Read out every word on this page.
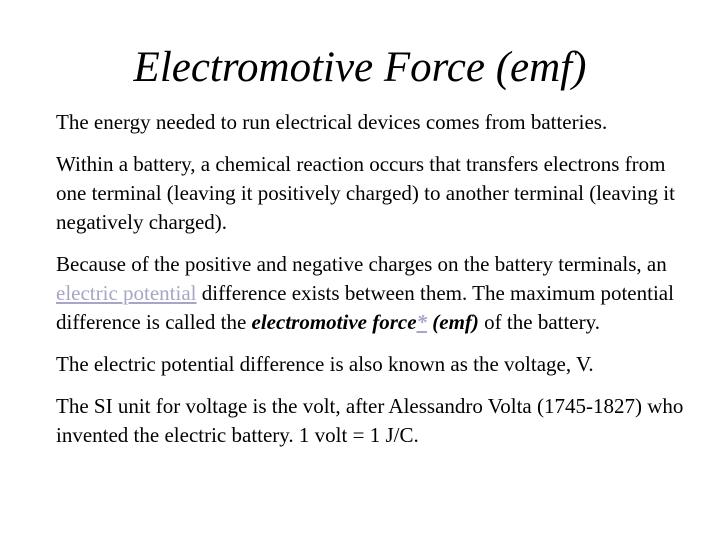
Electromotive Force (emf)

The energy needed to run electrical devices comes from batteries.

Within a battery, a chemical reaction occurs that transfers electrons from one terminal (leaving it positively charged) to another terminal (leaving it negatively charged).

Because of the positive and negative charges on the battery terminals, an electric potential difference exists between them. The maximum potential difference is called the electromotive force* (emf) of the battery.

The electric potential difference is also known as the voltage, V.

The SI unit for voltage is the volt, after Alessandro Volta (1745-1827) who invented the electric battery. 1 volt = 1 J/C.
